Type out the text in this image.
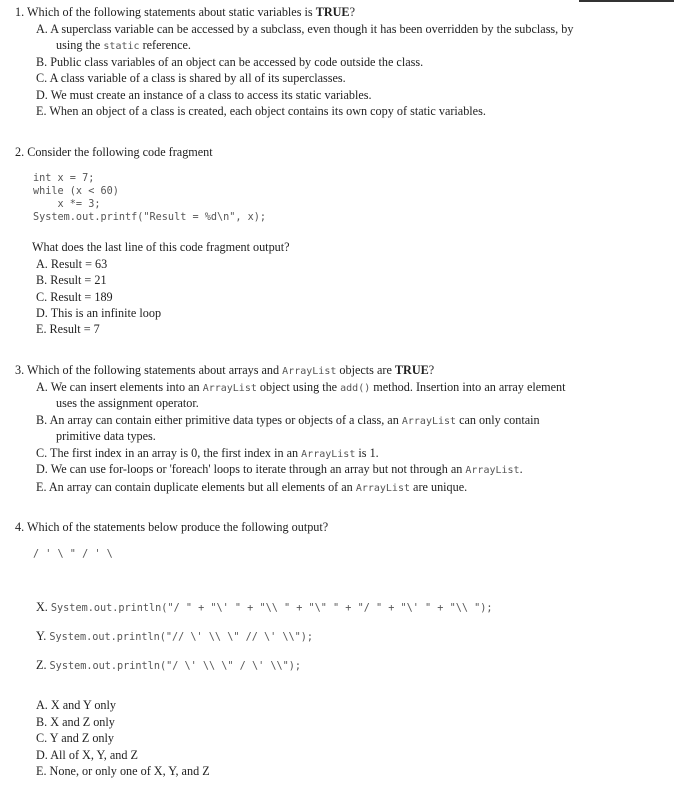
1. Which of the following statements about static variables is TRUE?
A. A superclass variable can be accessed by a subclass, even though it has been overridden by the subclass, by
using the static reference.
B. Public class variables of an object can be accessed by code outside the class.
C. A class variable of a class is shared by all of its superclasses.
D. We must create an instance of a class to access its static variables.
E. When an object of a class is created, each object contains its own copy of static variables.
2. Consider the following code fragment
int x = 7;
while (x < 60)
x *= 3;
System.out.printf("Result = %d\n", x);
What does the last line of this code fragment output?
A. Result = 63
B. Result = 21
C. Result = 189
D. This is an infinite loop
E. Result = 7
3. Which of the following statements about arrays and ArrayList objects are TRUE?
A. We can insert elements into an ArrayList object using the add() method. Insertion into an array element
uses the assignment operator.
B. An array can contain either primitive data types or objects of a class, an ArrayList can only contain
primitive data types.
C. The first index in an array is 0, the first index in an ArrayList is 1.
D. We can use for-loops or 'foreach' loops to iterate through an array but not through an ArrayList.
E. An array can contain duplicate elements but all elements of an ArrayList are unique.
4. Which of the statements below produce the following output?
/ ' \ " / ' \
X. System.out.println("/ " + "\' " + "\\ " + "\" " + "/ " + "\' " + "\\ ");
Y. System.out.println("// \' \\ \" // \' \\");
Z. System.out.println("/ \' \\ \" / \' \\");
A. X and Y only
B. X and Z only
C. Y and Z only
D. All of X, Y, and Z
E. None, or only one of X, Y, and Z
